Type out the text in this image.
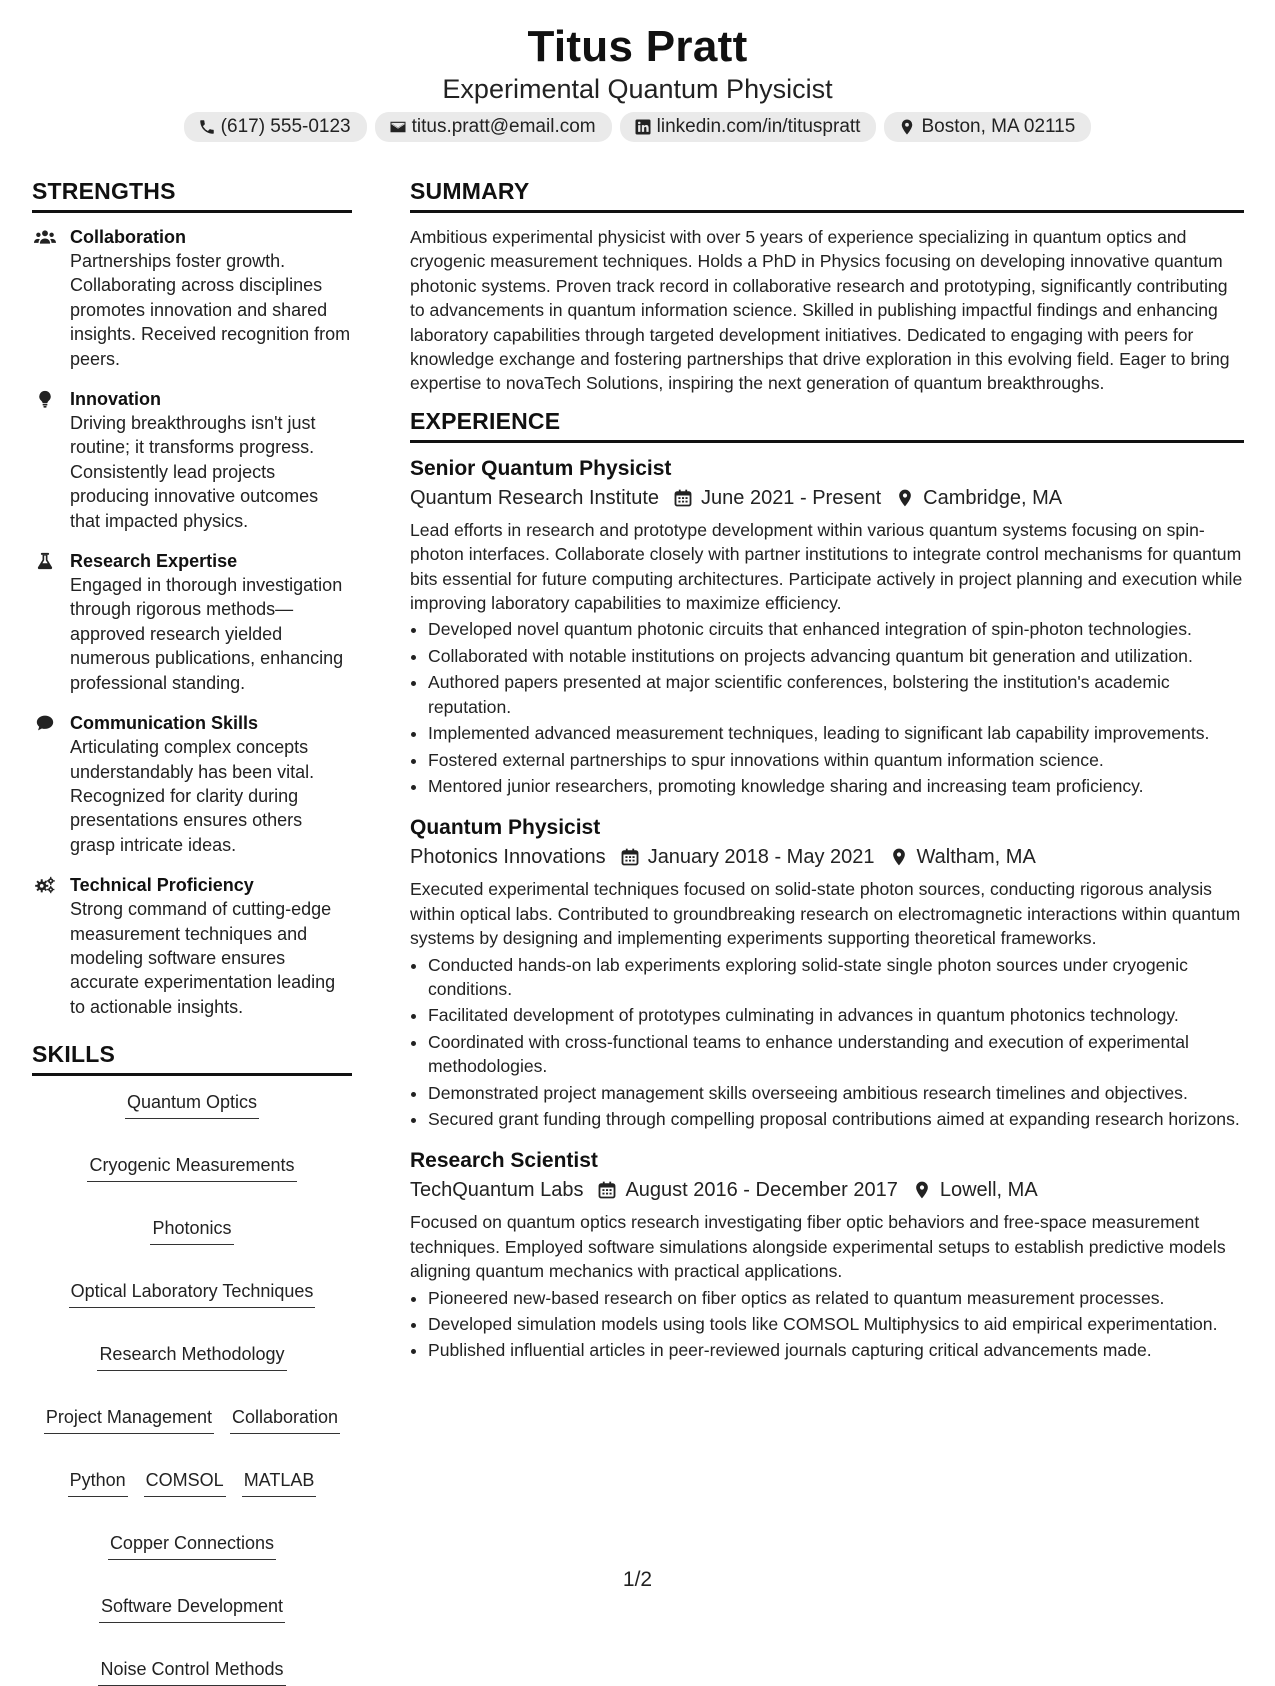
Titus Pratt
Experimental Quantum Physicist
(617) 555-0123	titus.pratt@email.com	linkedin.com/in/tituspratt	Boston, MA 02115
STRENGTHS
Collaboration
Partnerships foster growth. Collaborating across disciplines promotes innovation and shared insights. Received recognition from peers.
Innovation
Driving breakthroughs isn't just routine; it transforms progress. Consistently lead projects producing innovative outcomes that impacted physics.
Research Expertise
Engaged in thorough investigation through rigorous methods—approved research yielded numerous publications, enhancing professional standing.
Communication Skills
Articulating complex concepts understandably has been vital. Recognized for clarity during presentations ensures others grasp intricate ideas.
Technical Proficiency
Strong command of cutting-edge measurement techniques and modeling software ensures accurate experimentation leading to actionable insights.
SKILLS
Quantum Optics
Cryogenic Measurements
Photonics
Optical Laboratory Techniques
Research Methodology
Project Management Collaboration
Python COMSOL MATLAB
Copper Connections
Software Development
Noise Control Methods
SUMMARY
Ambitious experimental physicist with over 5 years of experience specializing in quantum optics and cryogenic measurement techniques. Holds a PhD in Physics focusing on developing innovative quantum photonic systems. Proven track record in collaborative research and prototyping, significantly contributing to advancements in quantum information science. Skilled in publishing impactful findings and enhancing laboratory capabilities through targeted development initiatives. Dedicated to engaging with peers for knowledge exchange and fostering partnerships that drive exploration in this evolving field. Eager to bring expertise to novaTech Solutions, inspiring the next generation of quantum breakthroughs.
EXPERIENCE
Senior Quantum Physicist
Quantum Research Institute June 2021 - Present Cambridge, MA
Lead efforts in research and prototype development within various quantum systems focusing on spin-photon interfaces. Collaborate closely with partner institutions to integrate control mechanisms for quantum bits essential for future computing architectures. Participate actively in project planning and execution while improving laboratory capabilities to maximize efficiency.
• Developed novel quantum photonic circuits that enhanced integration of spin-photon technologies.
• Collaborated with notable institutions on projects advancing quantum bit generation and utilization.
• Authored papers presented at major scientific conferences, bolstering the institution's academic reputation.
• Implemented advanced measurement techniques, leading to significant lab capability improvements.
• Fostered external partnerships to spur innovations within quantum information science.
• Mentored junior researchers, promoting knowledge sharing and increasing team proficiency.
Quantum Physicist
Photonics Innovations January 2018 - May 2021 Waltham, MA
Executed experimental techniques focused on solid-state photon sources, conducting rigorous analysis within optical labs. Contributed to groundbreaking research on electromagnetic interactions within quantum systems by designing and implementing experiments supporting theoretical frameworks.
• Conducted hands-on lab experiments exploring solid-state single photon sources under cryogenic conditions.
• Facilitated development of prototypes culminating in advances in quantum photonics technology.
• Coordinated with cross-functional teams to enhance understanding and execution of experimental methodologies.
• Demonstrated project management skills overseeing ambitious research timelines and objectives.
• Secured grant funding through compelling proposal contributions aimed at expanding research horizons.
Research Scientist
TechQuantum Labs August 2016 - December 2017 Lowell, MA
Focused on quantum optics research investigating fiber optic behaviors and free-space measurement techniques. Employed software simulations alongside experimental setups to establish predictive models aligning quantum mechanics with practical applications.
• Pioneered new-based research on fiber optics as related to quantum measurement processes.
• Developed simulation models using tools like COMSOL Multiphysics to aid empirical experimentation.
• Published influential articles in peer-reviewed journals capturing critical advancements made.
1/2
